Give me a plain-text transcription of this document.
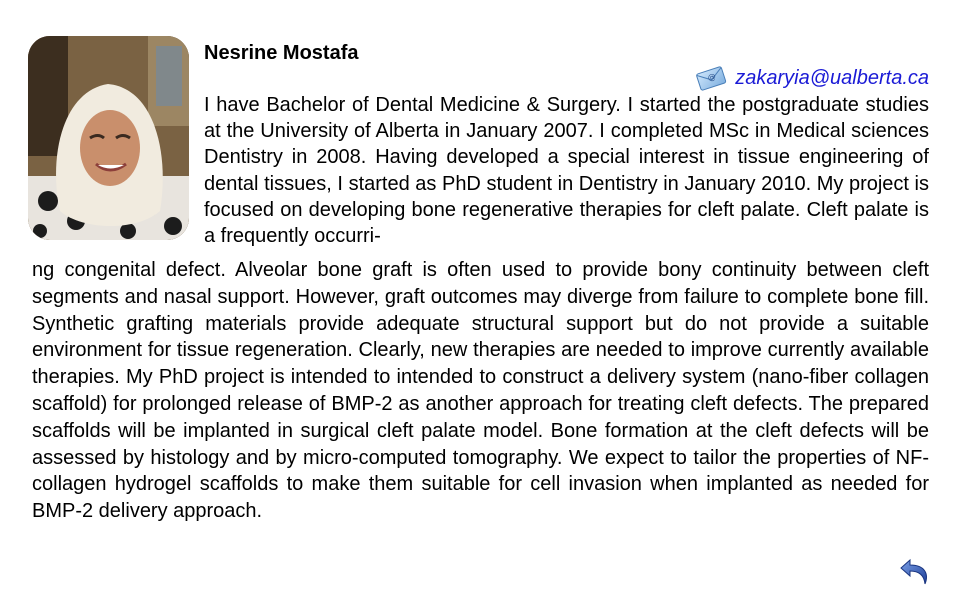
Nesrine Mostafa
@ zakaryia@ualberta.ca

I have Bachelor of Dental Medicine & Surgery. I started the postgraduate studies at the University of Alberta in January 2007. I completed MSc in Medical sciences Dentistry in 2008. Having developed a special interest in tissue engineering of dental tissues, I started as PhD student in Dentistry in January 2010. My project is focused on developing bone regenerative therapies for cleft palate. Cleft palate is a frequently occurri-

ng congenital defect. Alveolar bone graft is often used to provide bony continuity between cleft segments and nasal support. However, graft outcomes may diverge from failure to complete bone fill. Synthetic grafting materials provide adequate structural support but do not provide a suitable environment for tissue regeneration. Clearly, new therapies are needed to improve currently available therapies. My PhD project is intended to intended to construct a delivery system (nano-fiber collagen scaffold) for prolonged release of BMP-2 as another approach for treating cleft defects. The prepared scaffolds will be implanted in surgical cleft palate model. Bone formation at the cleft defects will be assessed by histology and by micro-computed tomography. We expect to tailor the properties of NF-collagen hydrogel scaffolds to make them suitable for cell invasion when implanted as needed for BMP-2 delivery approach.
